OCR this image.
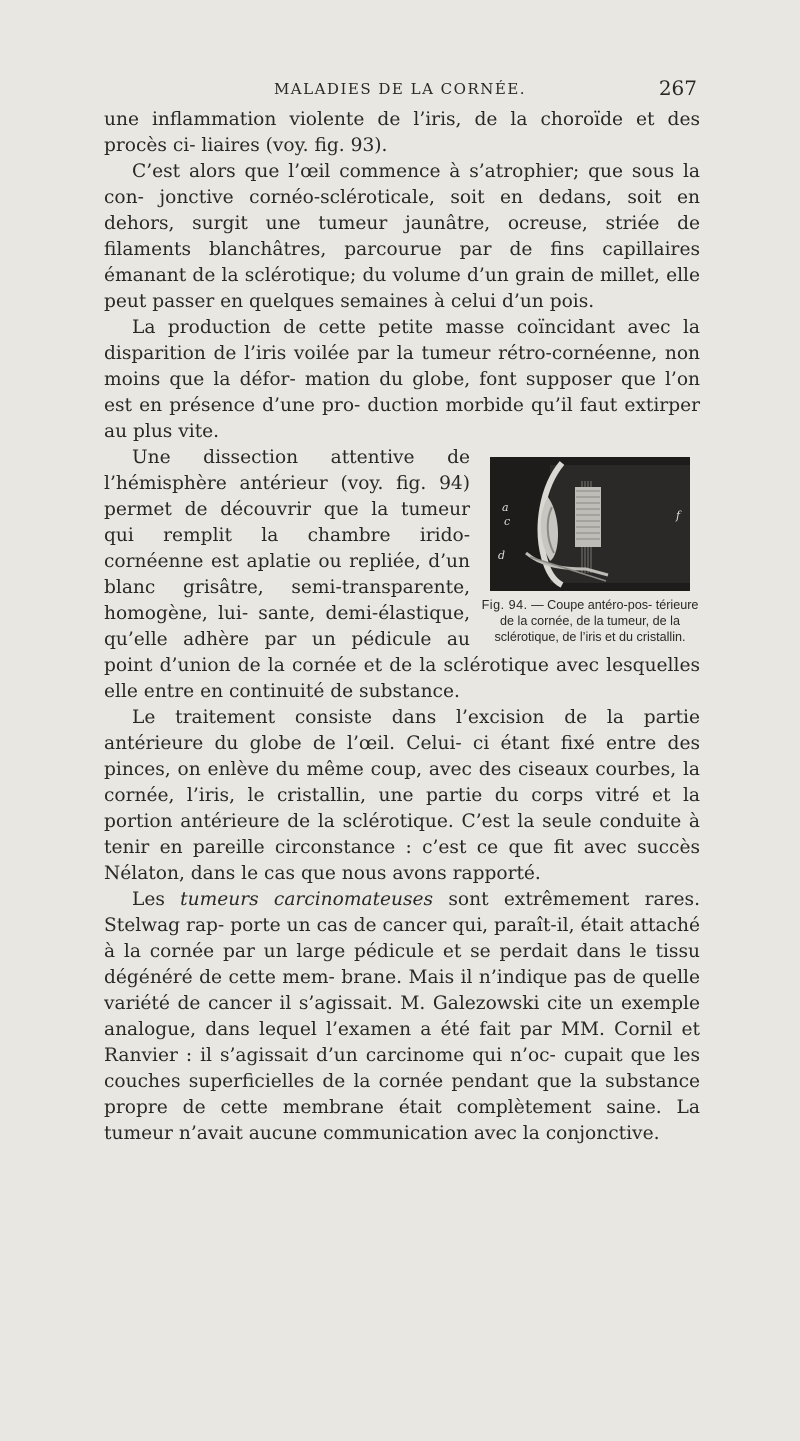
MALADIES DE LA CORNÉE.	267

une inflammation violente de l’iris, de la choroïde et des procès ci- liaires (voy. fig. 93).

C’est alors que l’œil commence à s’atrophier; que sous la con- jonctive cornéo-scléroticale, soit en dedans, soit en dehors, surgit une tumeur jaunâtre, ocreuse, striée de filaments blanchâtres, parcourue par de fins capillaires émanant de la sclérotique; du volume d’un grain de millet, elle peut passer en quelques semaines à celui d’un pois.

La production de cette petite masse coïncidant avec la disparition de l’iris voilée par la tumeur rétro-cornéenne, non moins que la défor- mation du globe, font supposer que l’on est en présence d’une pro- duction morbide qu’il faut extirper au plus vite.

a
c
d
f
Fig. 94. — Coupe antéro-pos- térieure de la cornée, de la tumeur, de la sclérotique, de l’iris et du cristallin.

Une dissection attentive de l’hémisphère antérieur (voy. fig. 94) permet de découvrir que la tumeur qui remplit la chambre irido- cornéenne est aplatie ou repliée, d’un blanc grisâtre, semi-transparente, homogène, lui- sante, demi-élastique, qu’elle adhère par un pédicule au point d’union de la cornée et de la sclérotique avec lesquelles elle entre en continuité de substance.

Le traitement consiste dans l’excision de la partie antérieure du globe de l’œil. Celui- ci étant fixé entre des pinces, on enlève du même coup, avec des ciseaux courbes, la cornée, l’iris, le cristallin, une partie du corps vitré et la portion antérieure de la sclérotique. C’est la seule conduite à tenir en pareille circonstance : c’est ce que fit avec succès Nélaton, dans le cas que nous avons rapporté.

Les tumeurs carcinomateuses sont extrêmement rares. Stelwag rap- porte un cas de cancer qui, paraît-il, était attaché à la cornée par un large pédicule et se perdait dans le tissu dégénéré de cette mem- brane. Mais il n’indique pas de quelle variété de cancer il s’agissait. M. Galezowski cite un exemple analogue, dans lequel l’examen a été fait par MM. Cornil et Ranvier : il s’agissait d’un carcinome qui n’oc- cupait que les couches superficielles de la cornée pendant que la substance propre de cette membrane était complètement saine. La tumeur n’avait aucune communication avec la conjonctive.
